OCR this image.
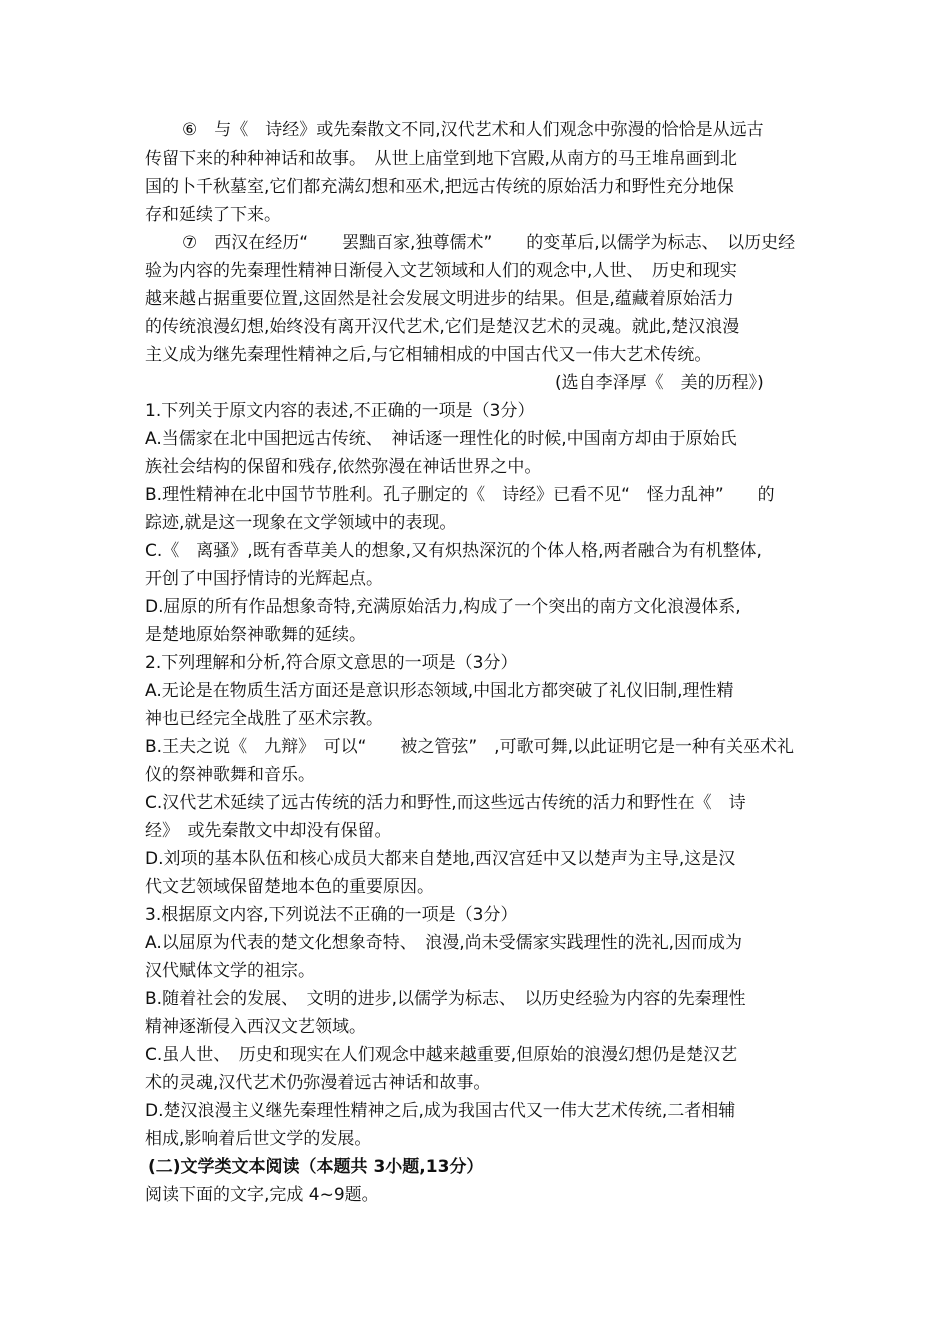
⑥　与《　诗经》或先秦散文不同,汉代艺术和人们观念中弥漫的恰恰是从远古
传留下来的种种神话和故事。　从世上庙堂到地下宫殿,从南方的马王堆帛画到北
国的卜千秋墓室,它们都充满幻想和巫术,把远古传统的原始活力和野性充分地保
存和延续了下来。
⑦　西汉在经历“　　罢黜百家,独尊儒术”　　的变革后,以儒学为标志、　以历史经
验为内容的先秦理性精神日渐侵入文艺领域和人们的观念中,人世、　历史和现实
越来越占据重要位置,这固然是社会发展文明进步的结果。但是,蕴藏着原始活力
的传统浪漫幻想,始终没有离开汉代艺术,它们是楚汉艺术的灵魂。就此,楚汉浪漫
主义成为继先秦理性精神之后,与它相辅相成的中国古代又一伟大艺术传统。
(选自李泽厚《　美的历程》)
1.下列关于原文内容的表述,不正确的一项是（3分）
A.当儒家在北中国把远古传统、　神话逐一理性化的时候,中国南方却由于原始氏
族社会结构的保留和残存,依然弥漫在神话世界之中。
B.理性精神在北中国节节胜利。孔子删定的《　诗经》已看不见“　怪力乱神”　　的
踪迹,就是这一现象在文学领域中的表现。
C.《　离骚》,既有香草美人的想象,又有炽热深沉的个体人格,两者融合为有机整体,
开创了中国抒情诗的光辉起点。
D.屈原的所有作品想象奇特,充满原始活力,构成了一个突出的南方文化浪漫体系,
是楚地原始祭神歌舞的延续。
2.下列理解和分析,符合原文意思的一项是（3分）
A.无论是在物质生活方面还是意识形态领域,中国北方都突破了礼仪旧制,理性精
神也已经完全战胜了巫术宗教。
B.王夫之说《　九辩》　可以“　　被之管弦”　,可歌可舞,以此证明它是一种有关巫术礼
仪的祭神歌舞和音乐。
C.汉代艺术延续了远古传统的活力和野性,而这些远古传统的活力和野性在《　诗
经》　或先秦散文中却没有保留。
D.刘项的基本队伍和核心成员大都来自楚地,西汉宫廷中又以楚声为主导,这是汉
代文艺领域保留楚地本色的重要原因。
3.根据原文内容,下列说法不正确的一项是（3分）
A.以屈原为代表的楚文化想象奇特、　浪漫,尚未受儒家实践理性的洗礼,因而成为
汉代赋体文学的祖宗。
B.随着社会的发展、　文明的进步,以儒学为标志、　以历史经验为内容的先秦理性
精神逐渐侵入西汉文艺领域。
C.虽人世、　历史和现实在人们观念中越来越重要,但原始的浪漫幻想仍是楚汉艺
术的灵魂,汉代艺术仍弥漫着远古神话和故事。
D.楚汉浪漫主义继先秦理性精神之后,成为我国古代又一伟大艺术传统,二者相辅
相成,影响着后世文学的发展。
(二)文学类文本阅读（本题共 3小题,13分）
阅读下面的文字,完成 4~9题。
